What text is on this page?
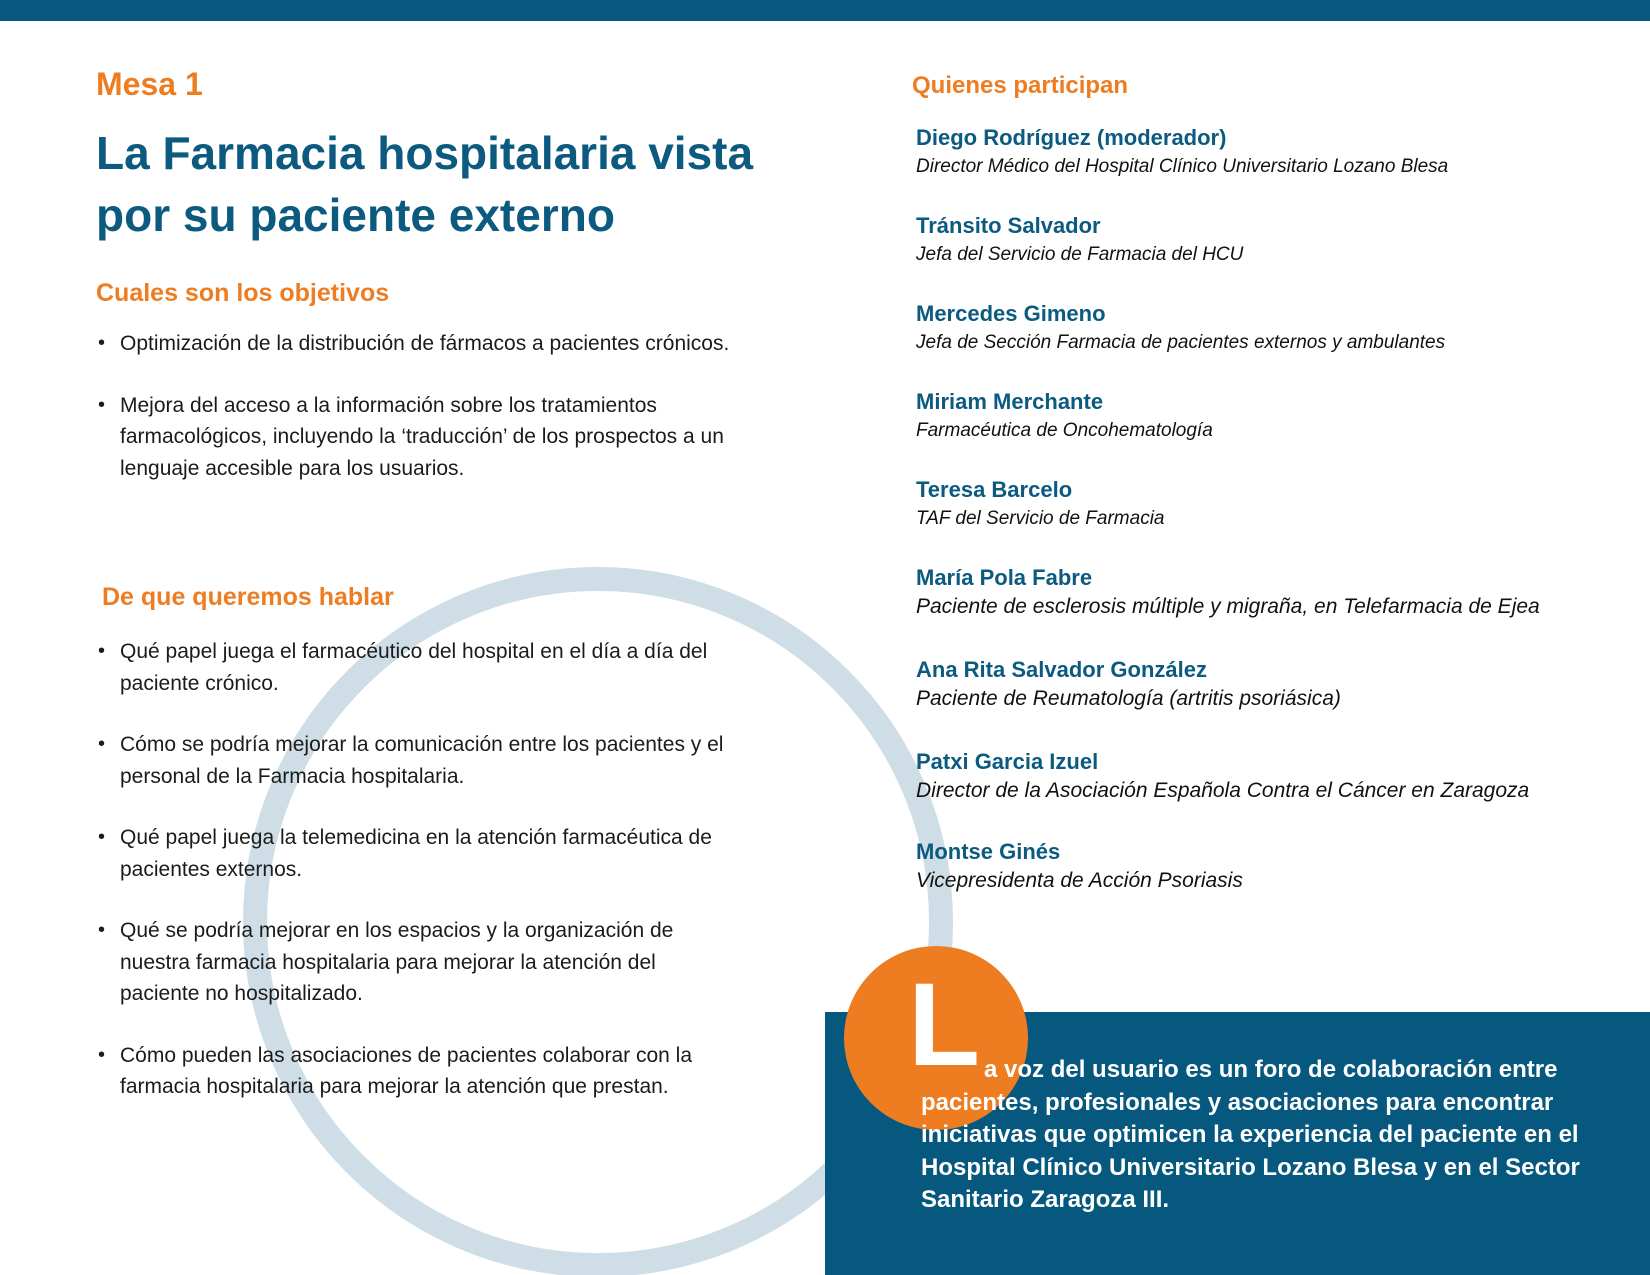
Mesa 1
La Farmacia hospitalaria vista por su paciente externo
Cuales son los objetivos
• Optimización de la distribución de fármacos a pacientes crónicos.
• Mejora del acceso a la información sobre los tratamientos farmacológicos, incluyendo la ‘traducción’ de los prospectos a un lenguaje accesible para los usuarios.
De que queremos hablar
• Qué papel juega el farmacéutico del hospital en el día a día del paciente crónico.
• Cómo se podría mejorar la comunicación entre los pacientes y el personal de la Farmacia hospitalaria.
• Qué papel juega la telemedicina en la atención farmacéutica de pacientes externos.
• Qué se podría mejorar en los espacios y la organización de nuestra farmacia hospitalaria para mejorar la atención del paciente no hospitalizado.
• Cómo pueden las asociaciones de pacientes colaborar con la farmacia hospitalaria para mejorar la atención que prestan.
Quienes participan
Diego Rodríguez (moderador)
Director Médico del Hospital Clínico Universitario Lozano Blesa
Tránsito Salvador
Jefa del Servicio de Farmacia del HCU
Mercedes Gimeno
Jefa de Sección Farmacia de pacientes externos y ambulantes
Miriam Merchante
Farmacéutica de Oncohematología
Teresa Barcelo
TAF del Servicio de Farmacia
María Pola Fabre
Paciente de esclerosis múltiple y migraña, en Telefarmacia de Ejea
Ana Rita Salvador González
Paciente de Reumatología (artritis psoriásica)
Patxi Garcia Izuel
Director de la Asociación Española Contra el Cáncer en Zaragoza
Montse Ginés
Vicepresidenta de Acción Psoriasis
L a voz del usuario es un foro de colaboración entre
pacientes, profesionales y asociaciones para encontrar iniciativas que optimicen la experiencia del paciente en el Hospital Clínico Universitario Lozano Blesa y en el Sector Sanitario Zaragoza III.
